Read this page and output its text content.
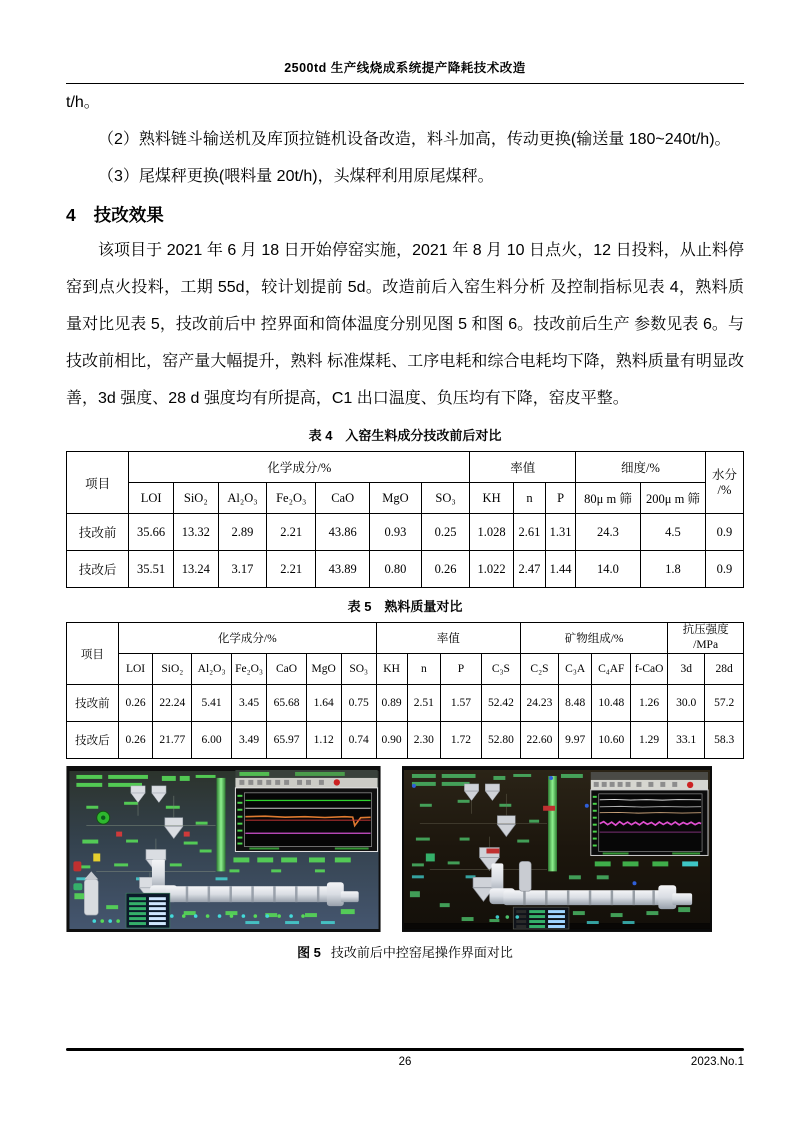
2500td 生产线烧成系统提产降耗技术改造

t/h。

（2）熟料链斗输送机及库顶拉链机设备改造，料斗加高，传动更换(输送量 180~240t/h)。

（3）尾煤秤更换(喂料量 20t/h)，头煤秤利用原尾煤秤。

4 技改效果

该项目于 2021 年 6 月 18 日开始停窑实施，2021 年 8 月 10 日点火，12 日投料，从止料停窑到点火投料，工期 55d，较计划提前 5d。改造前后入窑生料分析 及控制指标见表 4，熟料质量对比见表 5，技改前后中 控界面和筒体温度分别见图 5 和图 6。技改前后生产 参数见表 6。与技改前相比，窑产量大幅提升，熟料 标准煤耗、工序电耗和综合电耗均下降，熟料质量有明显改善，3d 强度、28 d 强度均有所提高，C1 出口温度、负压均有下降，窑皮平整。

表 4　入窑生料成分技改前后对比
项目	化学成分/%							率值			细度/%		水分
/%

	LOI	SiO₂	Al₂O₃	Fe₂O₃	CaO	MgO	SO₃	KH	n	P	80μ m 筛	200μ m 筛	
技改前	35.66	13.32	2.89	2.21	43.86	0.93	0.25	1.028	2.61	1.31	24.3	4.5	0.9
技改后	35.51	13.24	3.17	2.21	43.89	0.80	0.26	1.022	2.47	1.44	14.0	1.8	0.9
表 5　熟料质量对比
项目	化学成分/%							率值				矿物组成/%				抗压强度
/MPa	

	LOI	SiO₂	Al₂O₃	Fe₂O₃	CaO	MgO	SO₃	KH	n	P	C₃S	C₂S	C₃A	C₄AF	f-CaO	3d	28d
技改前	0.26	22.24	5.41	3.45	65.68	1.64	0.75	0.89	2.51	1.57	52.42	24.23	8.48	10.48	1.26	30.0	57.2
技改后	0.26	21.77	6.00	3.49	65.97	1.12	0.74	0.90	2.30	1.72	52.80	22.60	9.97	10.60	1.29	33.1	58.3
图 5 技改前后中控窑尾操作界面对比
26	2023.No.1
